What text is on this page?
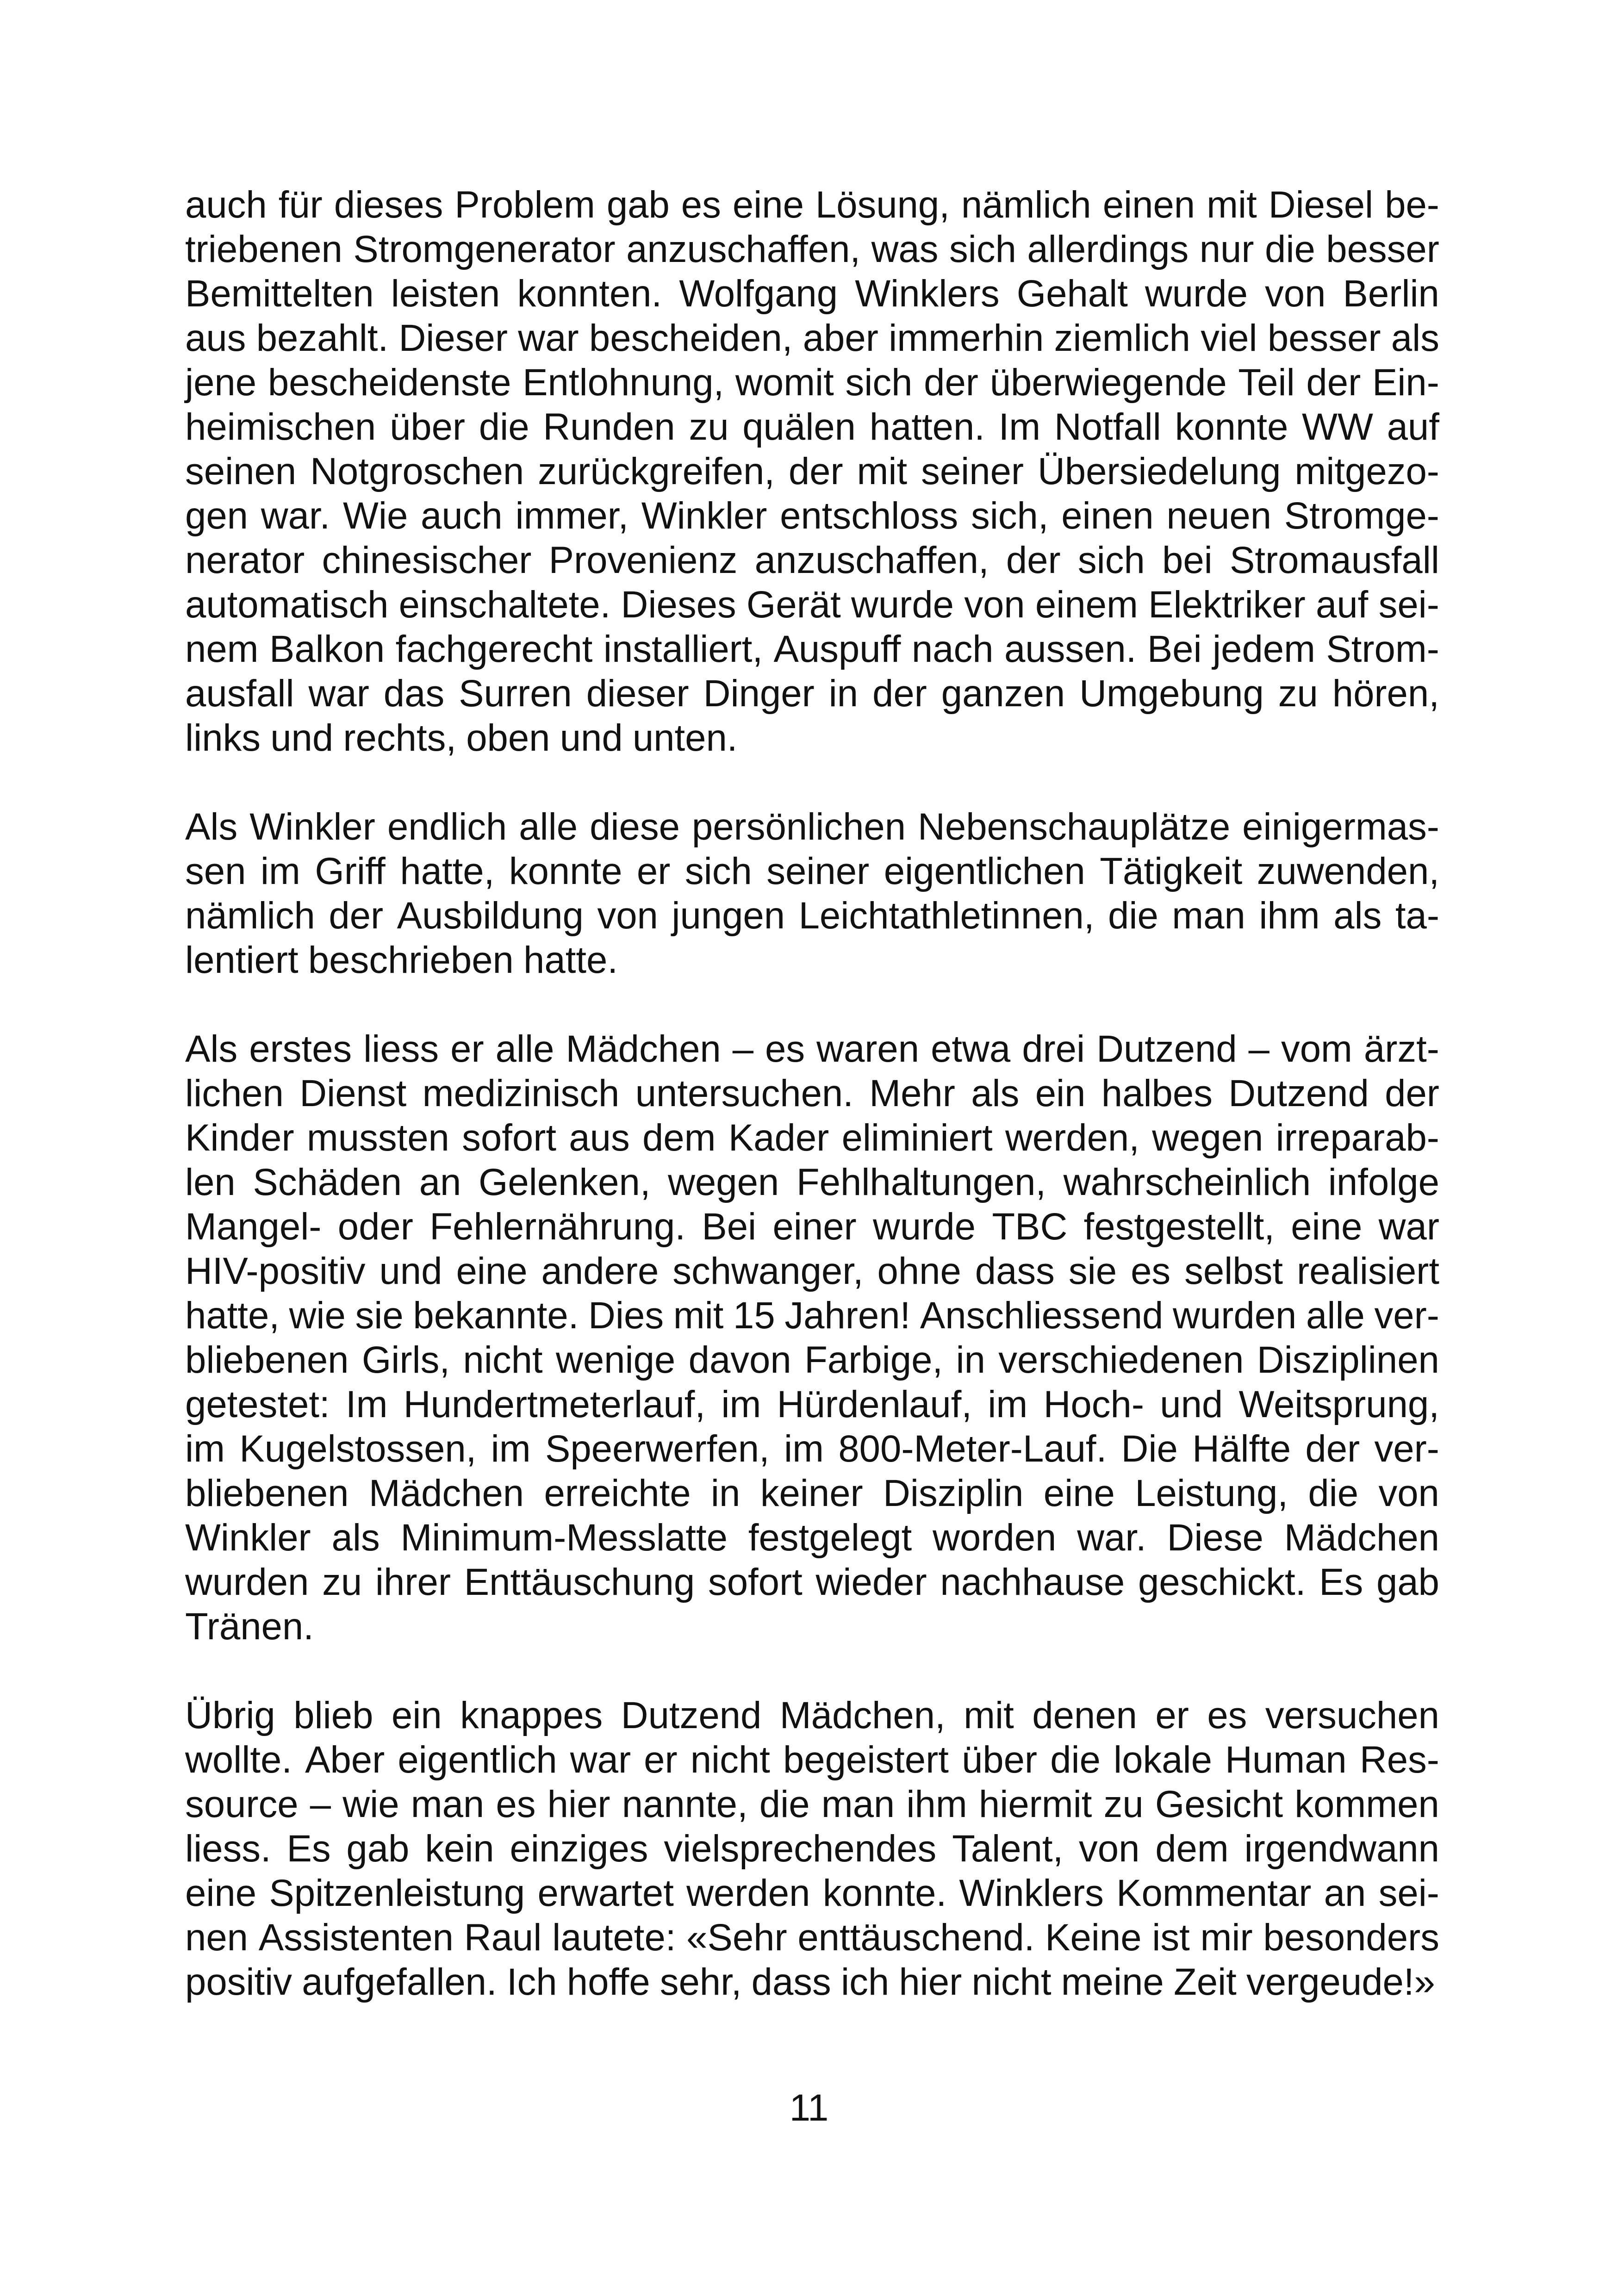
auch für dieses Problem gab es eine Lösung, nämlich einen mit Diesel be-
triebenen Stromgenerator anzuschaffen, was sich allerdings nur die besser
Bemittelten leisten konnten. Wolfgang Winklers Gehalt wurde von Berlin
aus bezahlt. Dieser war bescheiden, aber immerhin ziemlich viel besser als
jene bescheidenste Entlohnung, womit sich der überwiegende Teil der Ein-
heimischen über die Runden zu quälen hatten. Im Notfall konnte WW auf
seinen Notgroschen zurückgreifen, der mit seiner Übersiedelung mitgezo-
gen war. Wie auch immer, Winkler entschloss sich, einen neuen Stromge-
nerator chinesischer Provenienz anzuschaffen, der sich bei Stromausfall
automatisch einschaltete. Dieses Gerät wurde von einem Elektriker auf sei-
nem Balkon fachgerecht installiert, Auspuff nach aussen. Bei jedem Strom-
ausfall war das Surren dieser Dinger in der ganzen Umgebung zu hören,
links und rechts, oben und unten.
Als Winkler endlich alle diese persönlichen Nebenschauplätze einigermas-
sen im Griff hatte, konnte er sich seiner eigentlichen Tätigkeit zuwenden,
nämlich der Ausbildung von jungen Leichtathletinnen, die man ihm als ta-
lentiert beschrieben hatte.
Als erstes liess er alle Mädchen – es waren etwa drei Dutzend – vom ärzt-
lichen Dienst medizinisch untersuchen. Mehr als ein halbes Dutzend der
Kinder mussten sofort aus dem Kader eliminiert werden, wegen irreparab-
len Schäden an Gelenken, wegen Fehlhaltungen, wahrscheinlich infolge
Mangel- oder Fehlernährung. Bei einer wurde TBC festgestellt, eine war
HIV-positiv und eine andere schwanger, ohne dass sie es selbst realisiert
hatte, wie sie bekannte. Dies mit 15 Jahren! Anschliessend wurden alle ver-
bliebenen Girls, nicht wenige davon Farbige, in verschiedenen Disziplinen
getestet: Im Hundertmeterlauf, im Hürdenlauf, im Hoch- und Weitsprung,
im Kugelstossen, im Speerwerfen, im 800-Meter-Lauf. Die Hälfte der ver-
bliebenen Mädchen erreichte in keiner Disziplin eine Leistung, die von
Winkler als Minimum-Messlatte festgelegt worden war. Diese Mädchen
wurden zu ihrer Enttäuschung sofort wieder nachhause geschickt. Es gab
Tränen.
Übrig blieb ein knappes Dutzend Mädchen, mit denen er es versuchen
wollte. Aber eigentlich war er nicht begeistert über die lokale Human Res-
source – wie man es hier nannte, die man ihm hiermit zu Gesicht kommen
liess. Es gab kein einziges vielsprechendes Talent, von dem irgendwann
eine Spitzenleistung erwartet werden konnte. Winklers Kommentar an sei-
nen Assistenten Raul lautete: «Sehr enttäuschend. Keine ist mir besonders
positiv aufgefallen. Ich hoffe sehr, dass ich hier nicht meine Zeit vergeude!»
11
